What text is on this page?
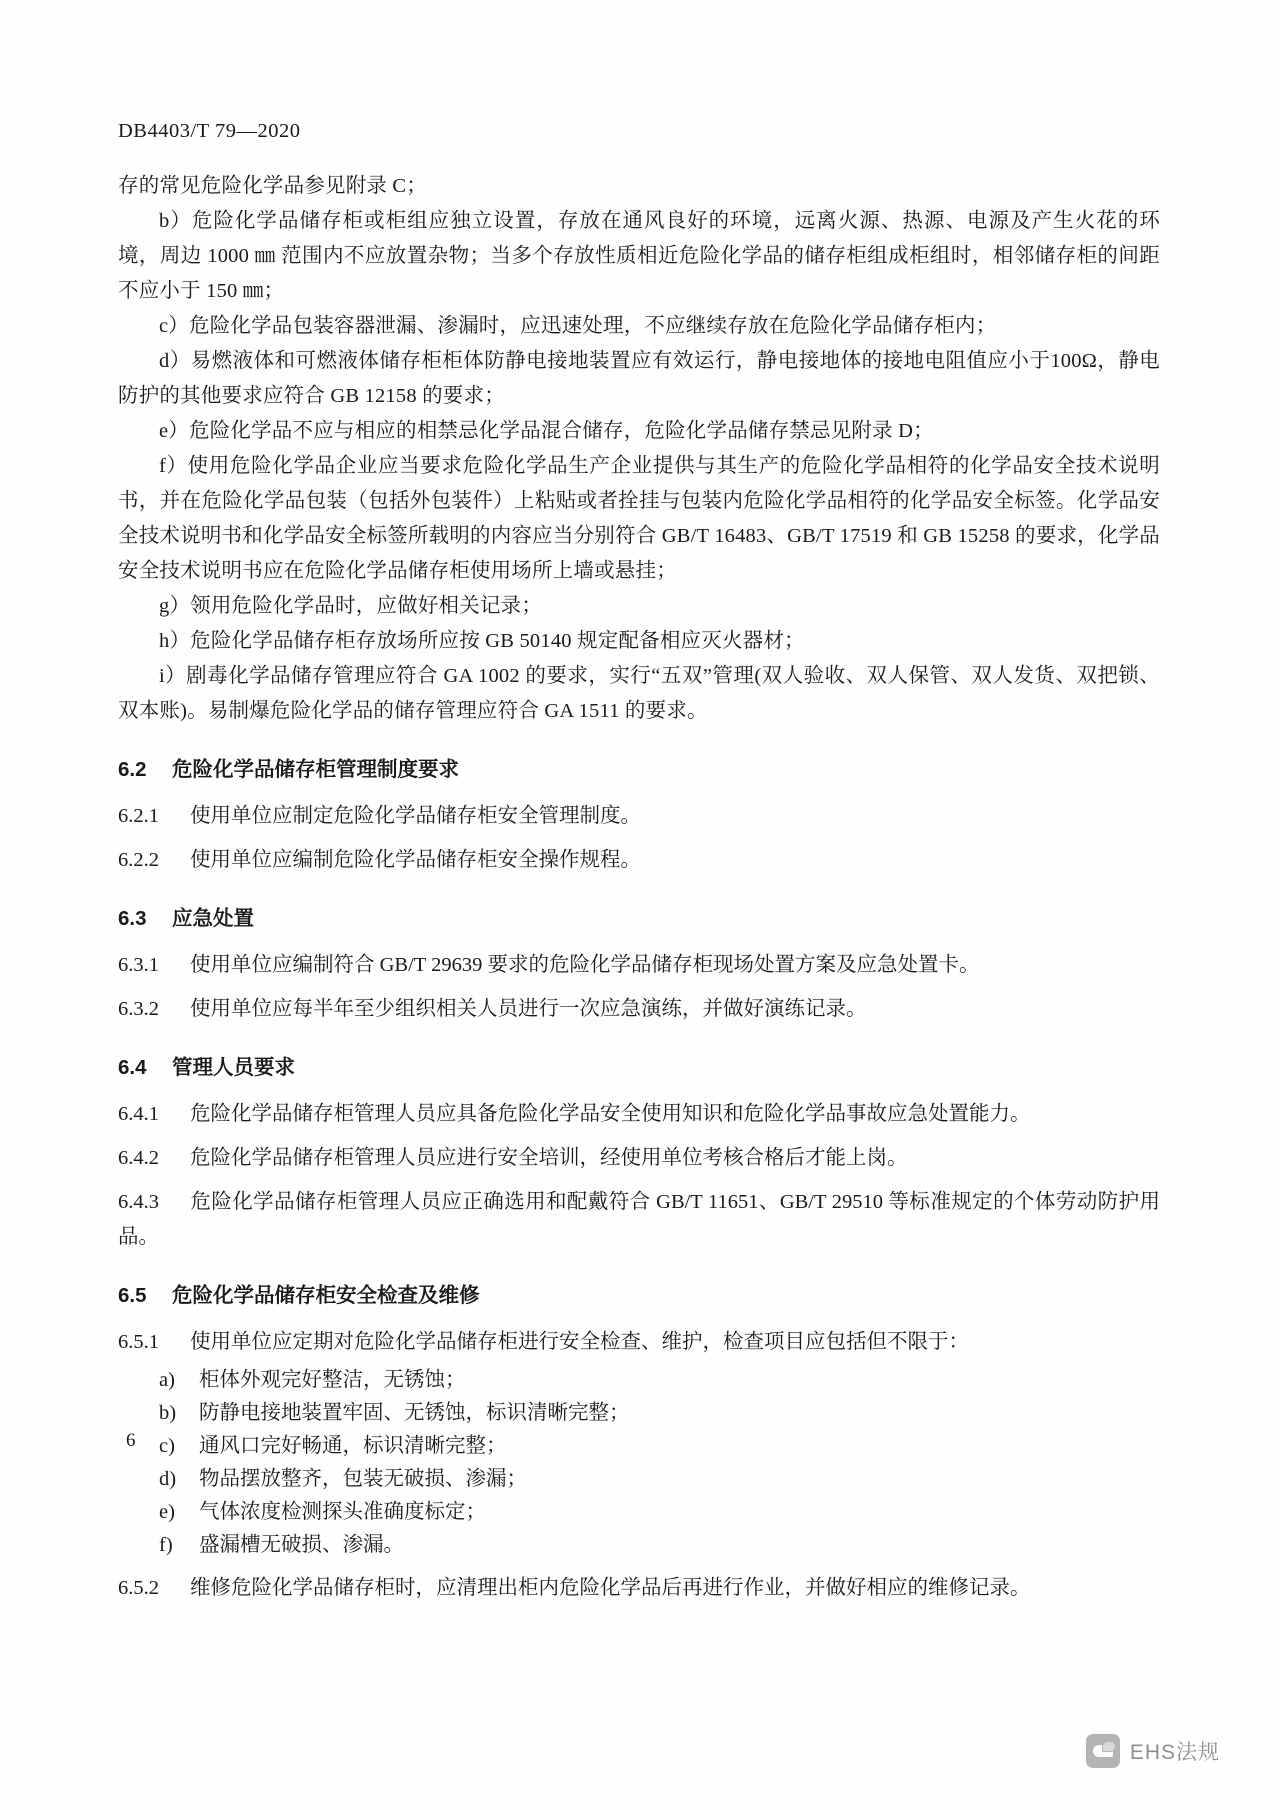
DB4403/T 79—2020

存的常见危险化学品参见附录 C；

b）危险化学品储存柜或柜组应独立设置，存放在通风良好的环境，远离火源、热源、电源及产生火花的环境，周边 1000 ㎜ 范围内不应放置杂物；当多个存放性质相近危险化学品的储存柜组成柜组时，相邻储存柜的间距不应小于 150 ㎜；

c）危险化学品包装容器泄漏、渗漏时，应迅速处理，不应继续存放在危险化学品储存柜内；

d）易燃液体和可燃液体储存柜柜体防静电接地装置应有效运行，静电接地体的接地电阻值应小于100Ω，静电防护的其他要求应符合 GB 12158 的要求；

e）危险化学品不应与相应的相禁忌化学品混合储存，危险化学品储存禁忌见附录 D；

f）使用危险化学品企业应当要求危险化学品生产企业提供与其生产的危险化学品相符的化学品安全技术说明书，并在危险化学品包装（包括外包装件）上粘贴或者拴挂与包装内危险化学品相符的化学品安全标签。化学品安全技术说明书和化学品安全标签所载明的内容应当分别符合 GB/T 16483、GB/T 17519 和 GB 15258 的要求，化学品安全技术说明书应在危险化学品储存柜使用场所上墙或悬挂；

g）领用危险化学品时，应做好相关记录；

h）危险化学品储存柜存放场所应按 GB 50140 规定配备相应灭火器材；

i）剧毒化学品储存管理应符合 GA 1002 的要求，实行“五双”管理(双人验收、双人保管、双人发货、双把锁、双本账)。易制爆危险化学品的储存管理应符合 GA 1511 的要求。

6.2 危险化学品储存柜管理制度要求
6.2.1 使用单位应制定危险化学品储存柜安全管理制度。
6.2.2 使用单位应编制危险化学品储存柜安全操作规程。
6.3 应急处置
6.3.1 使用单位应编制符合 GB/T 29639 要求的危险化学品储存柜现场处置方案及应急处置卡。
6.3.2 使用单位应每半年至少组织相关人员进行一次应急演练，并做好演练记录。
6.4 管理人员要求
6.4.1 危险化学品储存柜管理人员应具备危险化学品安全使用知识和危险化学品事故应急处置能力。
6.4.2 危险化学品储存柜管理人员应进行安全培训，经使用单位考核合格后才能上岗。
6.4.3 危险化学品储存柜管理人员应正确选用和配戴符合 GB/T 11651、GB/T 29510 等标准规定的个体劳动防护用品。
6.5 危险化学品储存柜安全检查及维修
6.5.1 使用单位应定期对危险化学品储存柜进行安全检查、维护，检查项目应包括但不限于：
a) 柜体外观完好整洁，无锈蚀；
b) 防静电接地装置牢固、无锈蚀，标识清晰完整；
c) 通风口完好畅通，标识清晰完整；
d) 物品摆放整齐，包装无破损、渗漏；
e) 气体浓度检测探头准确度标定；
f) 盛漏槽无破损、渗漏。
6.5.2 维修危险化学品储存柜时，应清理出柜内危险化学品后再进行作业，并做好相应的维修记录。
6
EHS法规
